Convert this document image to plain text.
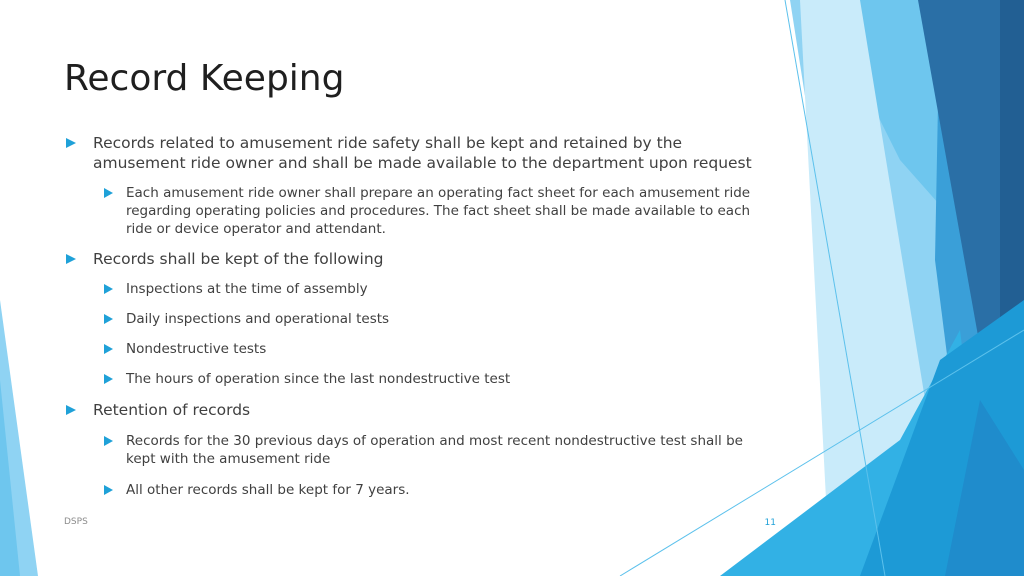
Record Keeping
Records related to amusement ride safety shall be kept and retained by the amusement ride owner and shall be made available to the department upon request
Each amusement ride owner shall prepare an operating fact sheet for each amusement ride regarding operating policies and procedures. The fact sheet shall be made available to each ride or device operator and attendant.
Records shall be kept of the following
Inspections at the time of assembly
Daily inspections and operational tests
Nondestructive tests
The hours of operation since the last nondestructive test
Retention of records
Records for the 30 previous days of operation and most recent nondestructive test shall be kept with the amusement ride
All other records shall be kept for 7 years.
DSPS	11
